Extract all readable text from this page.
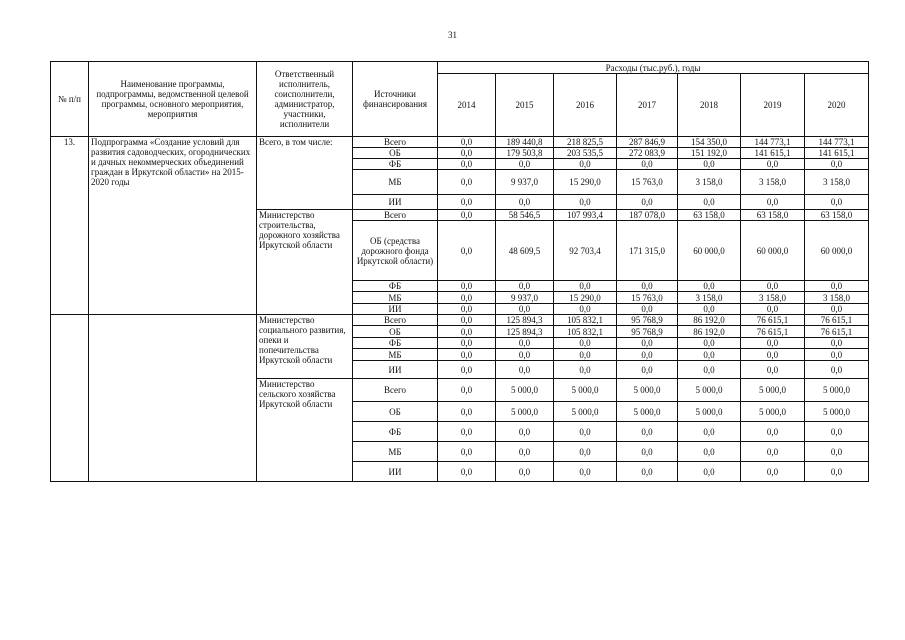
31
№ п/п	Наименование программы, подпрограммы, ведомственной целевой программы, основного мероприятия, мероприятия	Ответственный исполнитель, соисполнители, администратор, участники, исполнители	Источники финансирования	Расходы (тыс.руб.), годы						
				2014	2015	2016	2017	2018	2019	2020
13.	Подпрограмма «Создание условий для развития садоводческих, огороднических и дачных некоммерческих объединений граждан в Иркутской области» на 2015-2020 годы	Всего, в том числе:	Всего	0,0	189 440,8	218 825,5	287 846,9	154 350,0	144 773,1	144 773,1
			ОБ	0,0	179 503,8	203 535,5	272 083,9	151 192,0	141 615,1	141 615,1
			ФБ	0,0	0,0	0,0	0,0	0,0	0,0	0,0
			МБ	0,0	9 937,0	15 290,0	15 763,0	3 158,0	3 158,0	3 158,0
			ИИ	0,0	0,0	0,0	0,0	0,0	0,0	0,0
		Министерство строительства, дорожного хозяйства Иркутской области	Всего	0,0	58 546,5	107 993,4	187 078,0	63 158,0	63 158,0	63 158,0
			ОБ (средства дорожного фонда Иркутской области)	0,0	48 609,5	92 703,4	171 315,0	60 000,0	60 000,0	60 000,0
			ФБ	0,0	0,0	0,0	0,0	0,0	0,0	0,0
			МБ	0,0	9 937,0	15 290,0	15 763,0	3 158,0	3 158,0	3 158,0
			ИИ	0,0	0,0	0,0	0,0	0,0	0,0	0,0
		Министерство социального развития, опеки и попечительства Иркутской области	Всего	0,0	125 894,3	105 832,1	95 768,9	86 192,0	76 615,1	76 615,1
			ОБ	0,0	125 894,3	105 832,1	95 768,9	86 192,0	76 615,1	76 615,1
			ФБ	0,0	0,0	0,0	0,0	0,0	0,0	0,0
			МБ	0,0	0,0	0,0	0,0	0,0	0,0	0,0
			ИИ	0,0	0,0	0,0	0,0	0,0	0,0	0,0
		Министерство сельского хозяйства Иркутской области	Всего	0,0	5 000,0	5 000,0	5 000,0	5 000,0	5 000,0	5 000,0
			ОБ	0,0	5 000,0	5 000,0	5 000,0	5 000,0	5 000,0	5 000,0
			ФБ	0,0	0,0	0,0	0,0	0,0	0,0	0,0
			МБ	0,0	0,0	0,0	0,0	0,0	0,0	0,0
			ИИ	0,0	0,0	0,0	0,0	0,0	0,0	0,0
